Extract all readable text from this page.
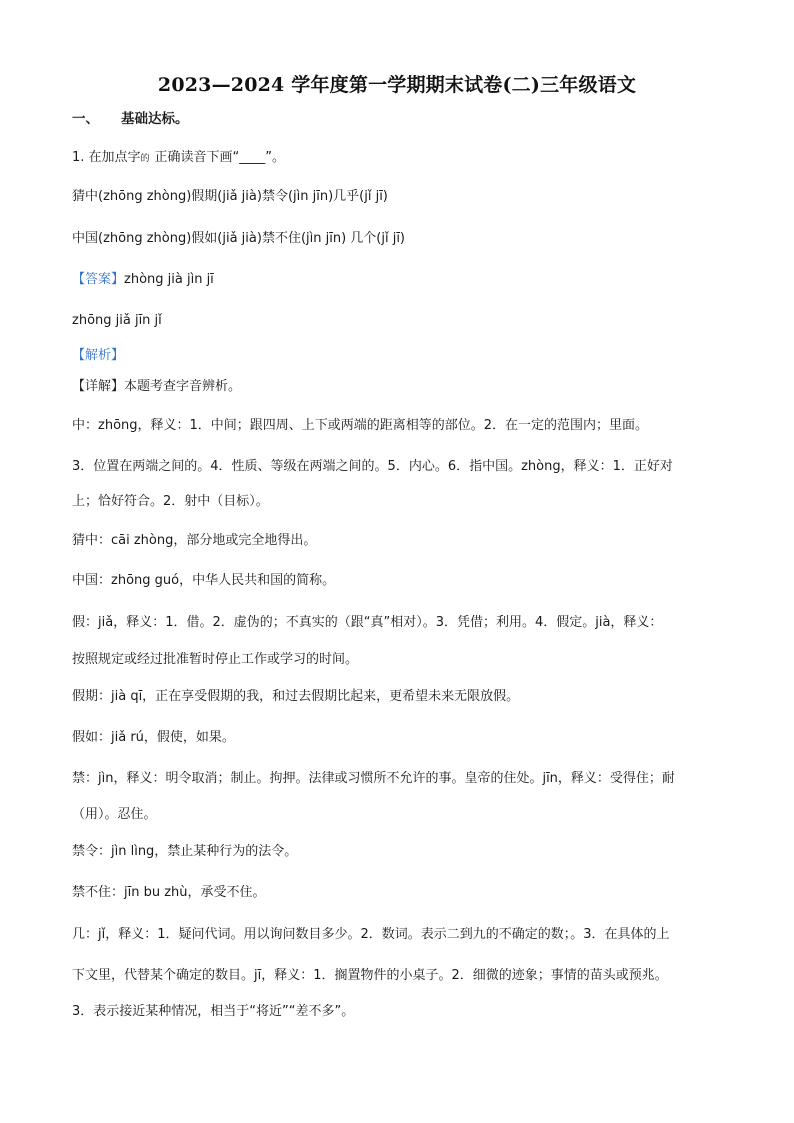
2023—2024 学年度第一学期期末试卷(二)三年级语文
一、 基础达标。
1. 在加点字 的 正确读音下画“____”。
猜中(zhōng zhòng)假期(jiǎ jià)禁令(jìn jīn)几乎(jǐ jī)
中国(zhōng zhòng)假如(jiǎ jià)禁不住(jìn jīn) 几个(jǐ jī)
【答案】zhòng jià jìn jī
zhōng jiǎ jīn jǐ
【解析】
【详解】本题考查字音辨析。
中：zhōng，释义：1．中间；跟四周、上下或两端的距离相等的部位。2．在一定的范围内；里面。
3．位置在两端之间的。4．性质、等级在两端之间的。5．内心。6．指中国。zhòng，释义：1．正好对
上；恰好符合。2．射中（目标）。
猜中：cāi zhòng，部分地或完全地得出。
中国：zhōng guó，中华人民共和国的简称。
假：jiǎ，释义：1．借。2．虚伪的；不真实的（跟“真”相对）。3．凭借；利用。4．假定。jià，释义：
按照规定或经过批准暂时停止工作或学习的时间。
假期：jià qī，正在享受假期的我，和过去假期比起来，更希望未来无限放假。
假如：jiǎ rú，假使，如果。
禁：jìn，释义：明令取消；制止。拘押。法律或习惯所不允许的事。皇帝的住处。jīn，释义：受得住；耐
（用）。忍住。
禁令：jìn lìng，禁止某种行为的法令。
禁不住：jīn bu zhù，承受不住。
几：jǐ，释义：1．疑问代词。用以询问数目多少。2．数词。表示二到九的不确定的数；。3．在具体的上
下文里，代替某个确定的数目。jī，释义：1．搁置物件的小桌子。2．细微的迹象；事情的苗头或预兆。
3．表示接近某种情况，相当于“将近”“差不多”。
